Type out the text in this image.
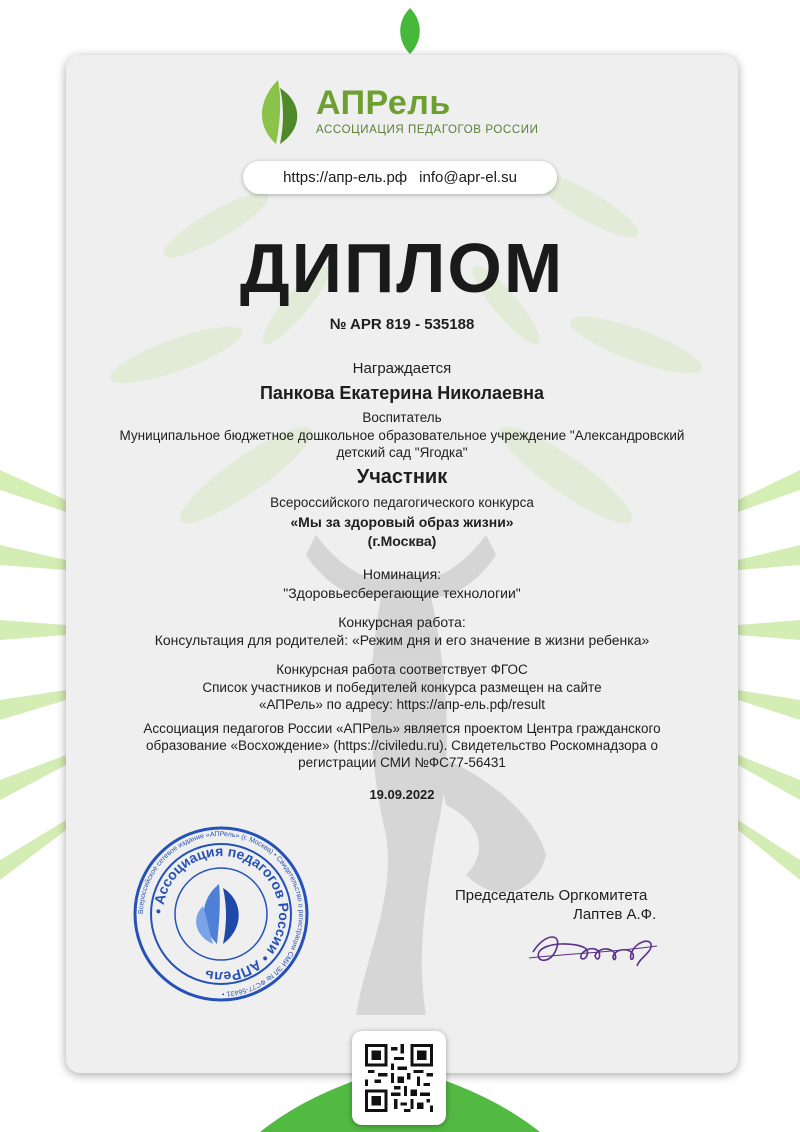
АПРель
АССОЦИАЦИЯ ПЕДАГОГОВ РОССИИ
https://апр-ель.рф info@apr-el.su
ДИПЛОМ
№ APR 819 - 535188
Награждается
Панкова Екатерина Николаевна
Воспитатель
Муниципальное бюджетное дошкольное образовательное учреждение "Александровский
детский сад "Ягодка"
Участник
Всероссийского педагогического конкурса
«Мы за здоровый образ жизни»
(г.Москва)
Номинация:
"Здоровьесберегающие технологии"
Конкурсная работа:
Консультация для родителей: «Режим дня и его значение в жизни ребенка»
Конкурсная работа соответствует ФГОС
Список участников и победителей конкурса размещен на сайте
«АПРель» по адресу: https://апр-ель.рф/result
Ассоциация педагогов России «АПРель» является проектом Центра гражданского
образование «Восхождение» (https://civiledu.ru). Свидетельство Роскомнадзора о
регистрации СМИ №ФС77-56431
19.09.2022
Всероссийское сетевое издание «АПРель» (г. Москва) • Свидетельство о регистрации СМИ ЭЛ № ФС77-56431 •
• Ассоциация педагогов России • АПРель
Председатель Оргкомитета
Лаптев А.Ф.
